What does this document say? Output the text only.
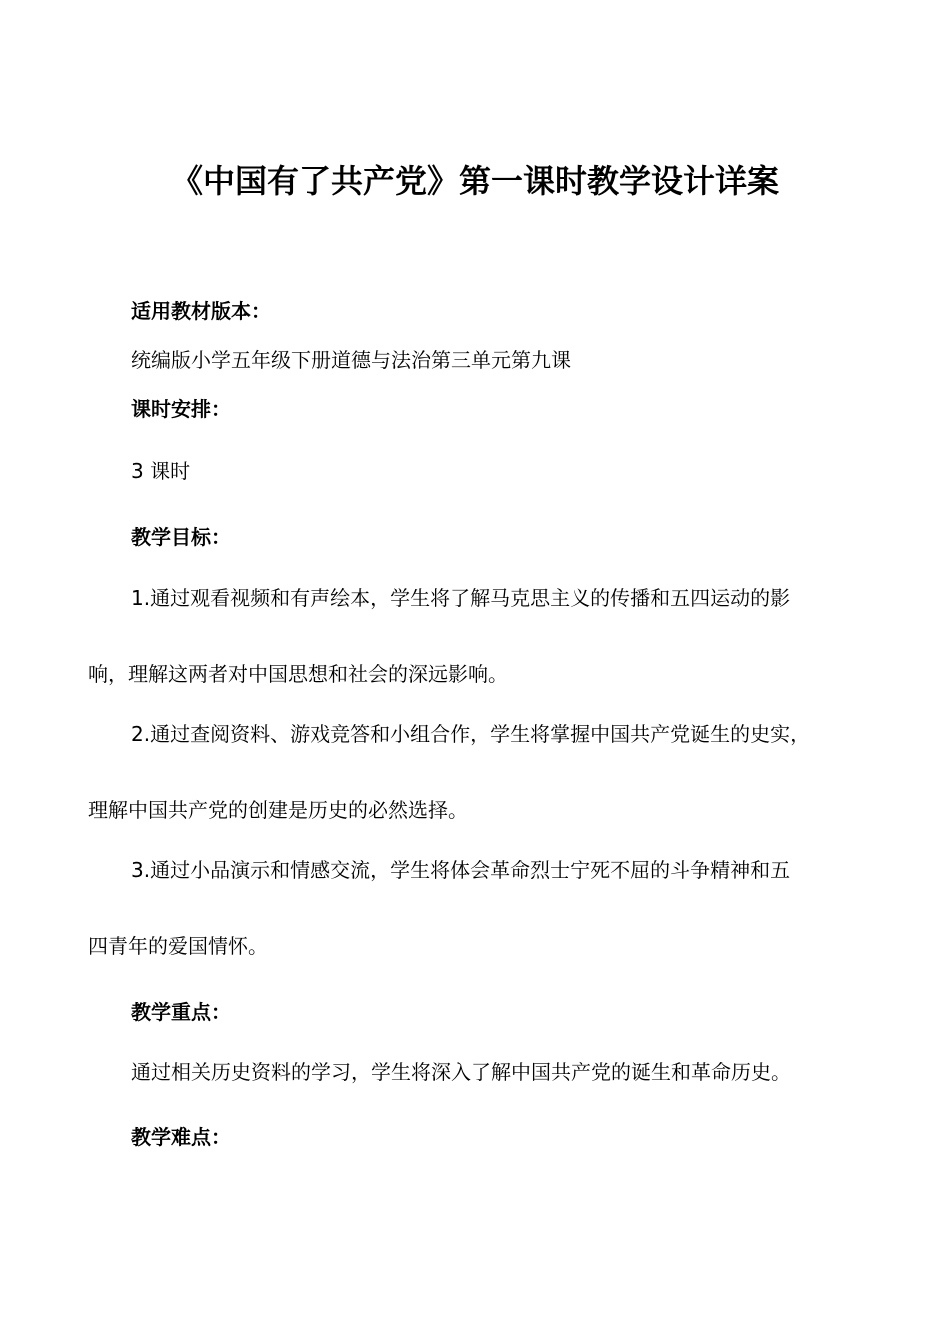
《中国有了共产党》第一课时教学设计详案

适用教材版本：

统编版小学五年级下册道德与法治第三单元第九课

课时安排：

3 课时

教学目标：

1.通过观看视频和有声绘本，学生将了解马克思主义的传播和五四运动的影

响，理解这两者对中国思想和社会的深远影响。

2.通过查阅资料、游戏竞答和小组合作，学生将掌握中国共产党诞生的史实，

理解中国共产党的创建是历史的必然选择。

3.通过小品演示和情感交流，学生将体会革命烈士宁死不屈的斗争精神和五

四青年的爱国情怀。

教学重点：

通过相关历史资料的学习，学生将深入了解中国共产党的诞生和革命历史。

教学难点：
